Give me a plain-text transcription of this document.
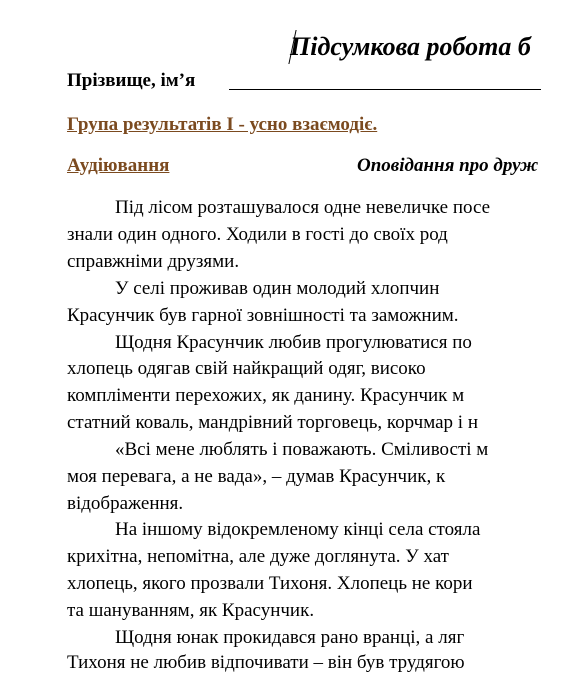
Підсумкова робота б
Прізвище, ім’я
Група результатів І - усно взаємодіє.
Аудіювання	Оповідання про друж
Під лісом розташувалося одне невеличке посе
знали один одного. Ходили в гості до своїх род
справжніми друзями.
У селі проживав один молодий хлопчин
Красунчик був гарної зовнішності та заможним.
Щодня Красунчик любив прогулюватися по
хлопець одягав свій найкращий одяг, високо
компліменти перехожих, як данину. Красунчик м
статний коваль, мандрівний торговець, корчмар і н
«Всі мене люблять і поважають. Сміливості м
моя перевага, а не вада», – думав Красунчик, к
відображення.
На іншому відокремленому кінці села стояла
крихітна, непомітна, але дуже доглянута. У хат
хлопець, якого прозвали Тихоня. Хлопець не кори
та шануванням, як Красунчик.
Щодня юнак прокидався рано вранці, а ляг
Тихоня не любив відпочивати – він був трудягою
